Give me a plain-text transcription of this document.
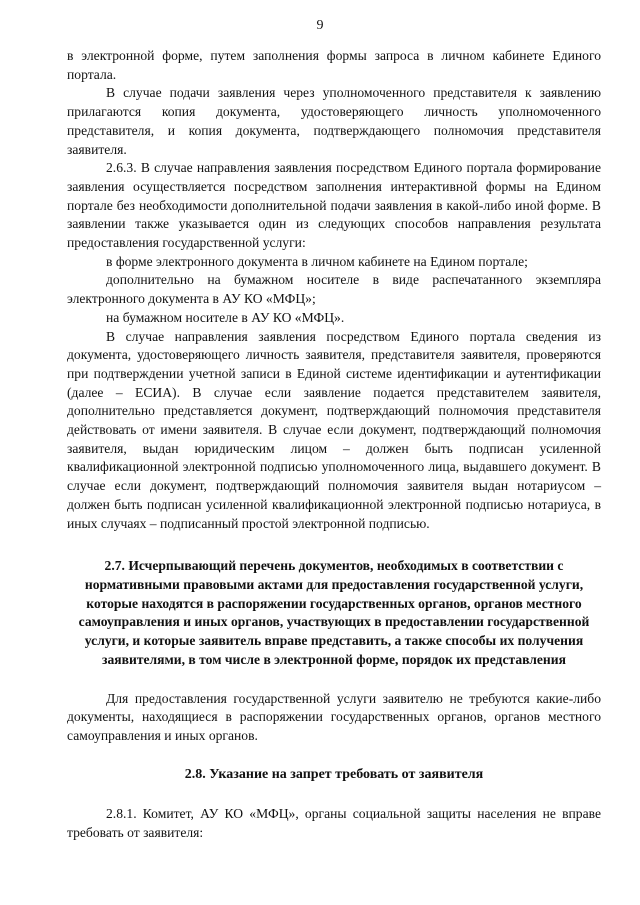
9

в электронной форме, путем заполнения формы запроса в личном кабинете Единого портала.

В случае подачи заявления через уполномоченного представителя к заявлению прилагаются копия документа, удостоверяющего личность уполномоченного представителя, и копия документа, подтверждающего полномочия представителя заявителя.

2.6.3. В случае направления заявления посредством Единого портала формирование заявления осуществляется посредством заполнения интерактивной формы на Едином портале без необходимости дополнительной подачи заявления в какой-либо иной форме. В заявлении также указывается один из следующих способов направления результата предоставления государственной услуги:

в форме электронного документа в личном кабинете на Едином портале;

дополнительно на бумажном носителе в виде распечатанного экземпляра электронного документа в АУ КО «МФЦ»;

на бумажном носителе в АУ КО «МФЦ».

В случае направления заявления посредством Единого портала сведения из документа, удостоверяющего личность заявителя, представителя заявителя, проверяются при подтверждении учетной записи в Единой системе идентификации и аутентификации (далее – ЕСИА). В случае если заявление подается представителем заявителя, дополнительно представляется документ, подтверждающий полномочия представителя действовать от имени заявителя. В случае если документ, подтверждающий полномочия заявителя, выдан юридическим лицом – должен быть подписан усиленной квалификационной электронной подписью уполномоченного лица, выдавшего документ. В случае если документ, подтверждающий полномочия заявителя выдан нотариусом – должен быть подписан усиленной квалификационной электронной подписью нотариуса, в иных случаях – подписанный простой электронной подписью.

2.7. Исчерпывающий перечень документов, необходимых в соответствии с нормативными правовыми актами для предоставления государственной услуги, которые находятся в распоряжении государственных органов, органов местного самоуправления и иных органов, участвующих в предоставлении государственной услуги, и которые заявитель вправе представить, а также способы их получения заявителями, в том числе в электронной форме, порядок их представления

Для предоставления государственной услуги заявителю не требуются какие-либо документы, находящиеся в распоряжении государственных органов, органов местного самоуправления и иных органов.

2.8. Указание на запрет требовать от заявителя

2.8.1. Комитет, АУ КО «МФЦ», органы социальной защиты населения не вправе требовать от заявителя:
